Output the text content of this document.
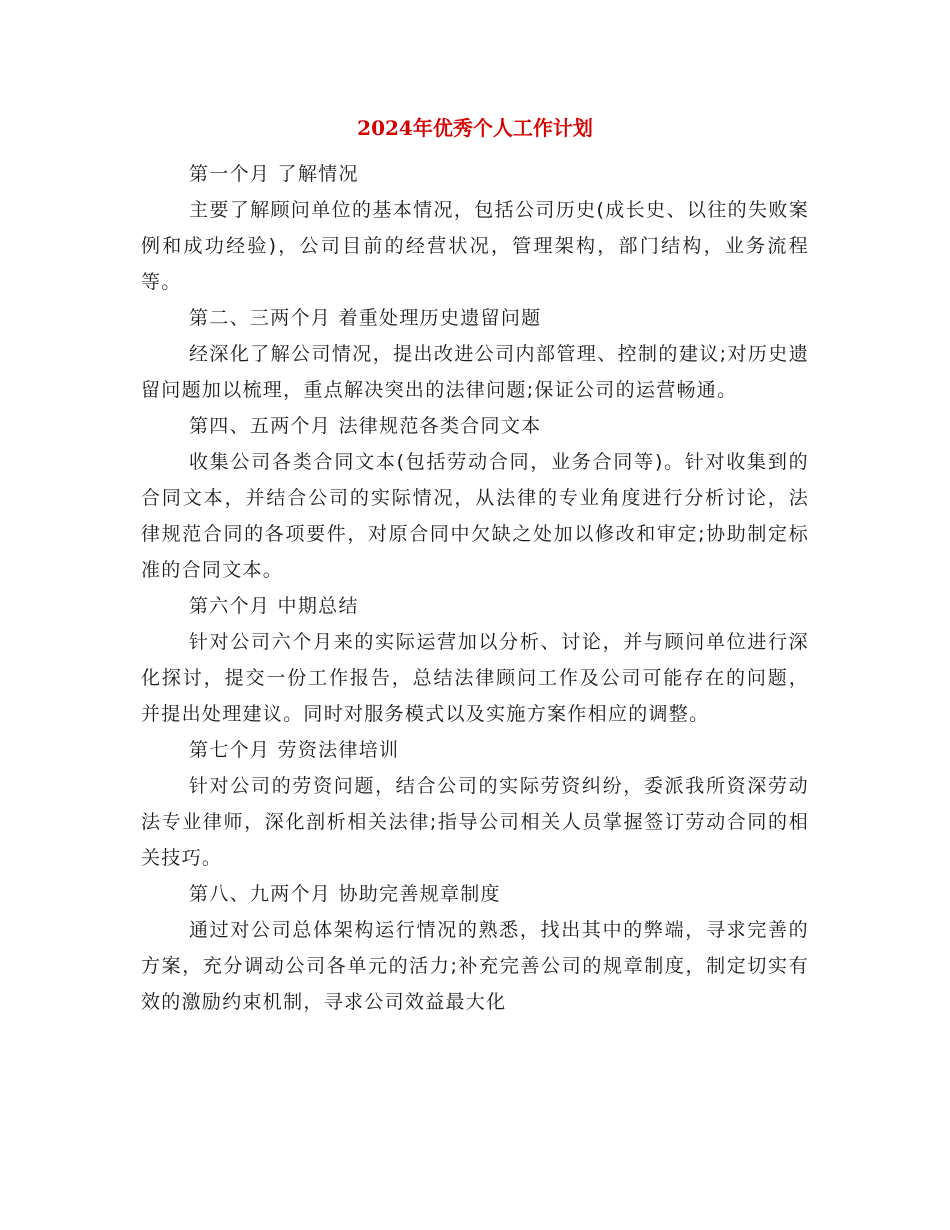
2024年优秀个人工作计划

第一个月 了解情况

主要了解顾问单位的基本情况，包括公司历史(成长史、以往的失败案例和成功经验)，公司目前的经营状况，管理架构，部门结构，业务流程等。

第二、三两个月 着重处理历史遗留问题

经深化了解公司情况，提出改进公司内部管理、控制的建议;对历史遗留问题加以梳理，重点解决突出的法律问题;保证公司的运营畅通。

第四、五两个月 法律规范各类合同文本

收集公司各类合同文本(包括劳动合同，业务合同等)。针对收集到的合同文本，并结合公司的实际情况，从法律的专业角度进行分析讨论，法律规范合同的各项要件，对原合同中欠缺之处加以修改和审定;协助制定标准的合同文本。

第六个月 中期总结

针对公司六个月来的实际运营加以分析、讨论，并与顾问单位进行深化探讨，提交一份工作报告，总结法律顾问工作及公司可能存在的问题，并提出处理建议。同时对服务模式以及实施方案作相应的调整。

第七个月 劳资法律培训

针对公司的劳资问题，结合公司的实际劳资纠纷，委派我所资深劳动法专业律师，深化剖析相关法律;指导公司相关人员掌握签订劳动合同的相关技巧。

第八、九两个月 协助完善规章制度

通过对公司总体架构运行情况的熟悉，找出其中的弊端，寻求完善的方案，充分调动公司各单元的活力;补充完善公司的规章制度，制定切实有效的激励约束机制，寻求公司效益最大化
